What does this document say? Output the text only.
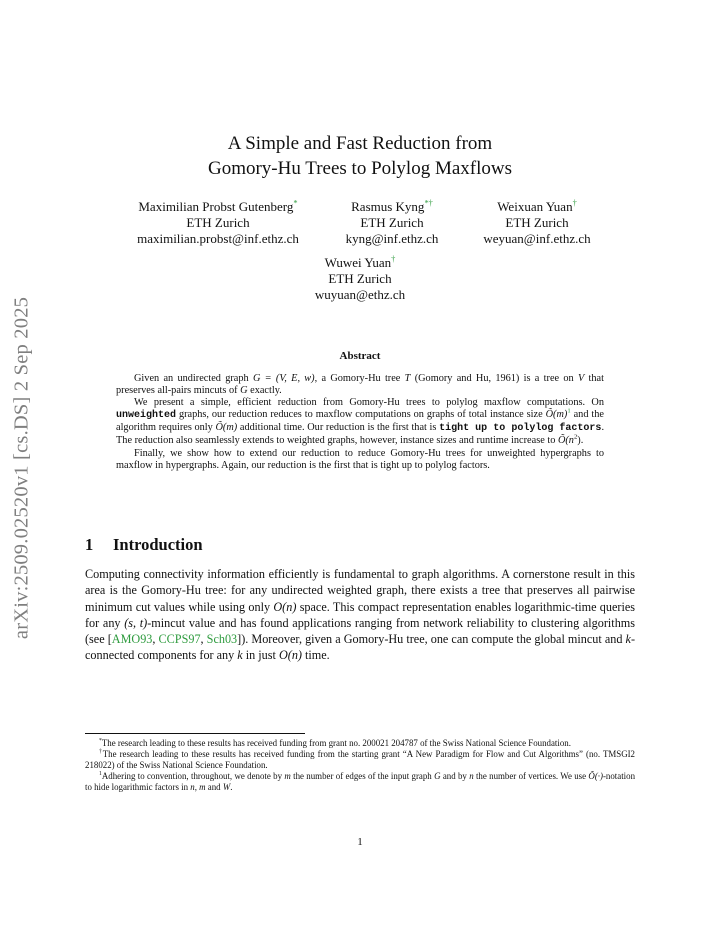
arXiv:2509.02520v1 [cs.DS] 2 Sep 2025
A Simple and Fast Reduction from
Gomory-Hu Trees to Polylog Maxflows
Maximilian Probst Gutenberg*
ETH Zurich
maximilian.probst@inf.ethz.ch
Rasmus Kyng*†
ETH Zurich
kyng@inf.ethz.ch
Weixuan Yuan†
ETH Zurich
weyuan@inf.ethz.ch
Wuwei Yuan†
ETH Zurich
wuyuan@ethz.ch
Abstract

Given an undirected graph G = (V, E, w), a Gomory-Hu tree T (Gomory and Hu, 1961) is a tree on V that preserves all-pairs mincuts of G exactly.

We present a simple, efficient reduction from Gomory-Hu trees to polylog maxflow computations. On unweighted graphs, our reduction reduces to maxflow computations on graphs of total instance size $Õ(m)^1$ and the algorithm requires only Õ(m) additional time. Our reduction is the first that is tight up to polylog factors. The reduction also seamlessly extends to weighted graphs, however, instance sizes and runtime increase to $Õ(n^2)$.

Finally, we show how to extend our reduction to reduce Gomory-Hu trees for unweighted hypergraphs to maxflow in hypergraphs. Again, our reduction is the first that is tight up to polylog factors.

1 Introduction

Computing connectivity information efficiently is fundamental to graph algorithms. A cornerstone result in this area is the Gomory-Hu tree: for any undirected weighted graph, there exists a tree that preserves all pairwise minimum cut values while using only O(n) space. This compact representation enables logarithmic-time queries for any (s, t)-mincut value and has found applications ranging from network reliability to clustering algorithms (see [AMO93, CCPS97, Sch03]). Moreover, given a Gomory-Hu tree, one can compute the global mincut and k-connected components for any k in just O(n) time.

*The research leading to these results has received funding from grant no. 200021 204787 of the Swiss National Science Foundation.

†The research leading to these results has received funding from the starting grant “A New Paradigm for Flow and Cut Algorithms” (no. TMSGI2 218022) of the Swiss National Science Foundation.

$^1$Adhering to convention, throughout, we denote by m the number of edges of the input graph G and by n the number of vertices. We use Õ(·)-notation to hide logarithmic factors in n, m and W.

1
